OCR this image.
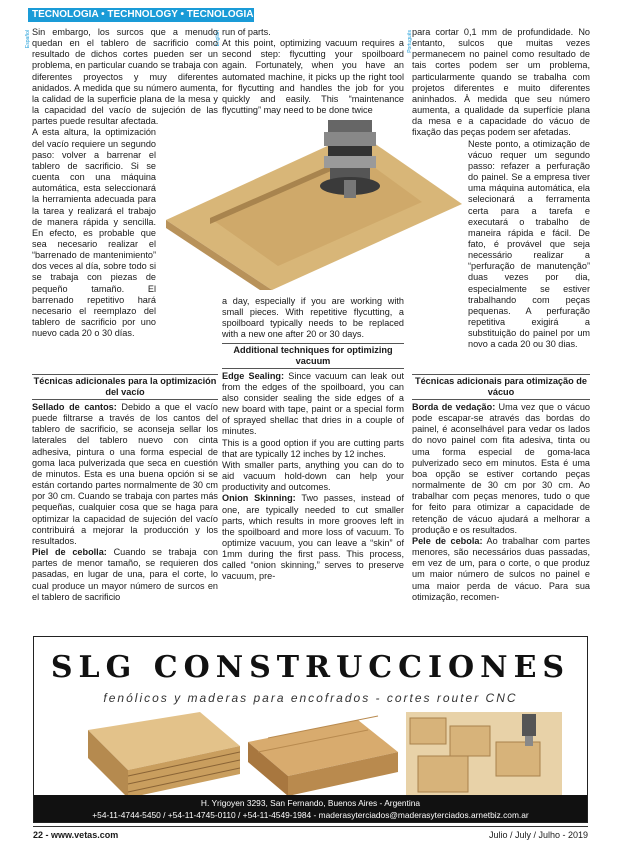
TECNOLOGIA • TECHNOLOGY • TECNOLOGIA
Español	English	Português

Sin embargo, los surcos que a menudo quedan en el tablero de sacrificio como resultado de dichos cortes pueden ser un problema, en particular cuando se trabaja con diferentes proyectos y muy diferentes anidados. A medida que su número aumenta, la calidad de la superficie plana de la mesa y la capacidad del vacío de sujeción de las partes puede resultar afectada.

A esta altura, la optimización del vacío requiere un segundo paso: volver a barrenar el tablero de sacrificio. Si se cuenta con una máquina automática, esta seleccionará la herramienta adecuada para la tarea y realizará el trabajo de manera rápida y sencilla. En efecto, es probable que sea necesario realizar el “barrenado de mantenimiento” dos veces al día, sobre todo si se trabaja con piezas de pequeño tamaño. El barrenado repetitivo hará necesario el reemplazo del tablero de sacrificio por uno nuevo cada 20 o 30 días.

Técnicas adicionales para la optimización del vacío

Sellado de cantos: Debido a que el vacío puede filtrarse a través de los cantos del tablero de sacrificio, se aconseja sellar los laterales del tablero nuevo con cinta adhesiva, pintura o una forma especial de goma laca pulverizada que seca en cuestión de minutos. Esta es una buena opción si se están cortando partes normalmente de 30 cm por 30 cm. Cuando se trabaja con partes más pequeñas, cualquier cosa que se haga para optimizar la capacidad de sujeción del vacío contribuirá a mejorar la producción y los resultados.

Piel de cebolla: Cuando se trabaja con partes de menor tamaño, se requieren dos pasadas, en lugar de una, para el corte, lo cual produce un mayor número de surcos en el tablero de sacrificio

run of parts.

At this point, optimizing vacuum requires a second step: flycutting your spoilboard again. Fortunately, when you have an automated machine, it picks up the right tool for flycutting and handles the job for you quickly and easily. This “maintenance flycutting” may need to be done twice

a day, especially if you are working with small pieces. With repetitive flycutting, a spoilboard typically needs to be replaced with a new one after 20 or 30 days.

Additional techniques for optimizing vacuum

Edge Sealing: Since vacuum can leak out from the edges of the spoilboard, you can also consider sealing the side edges of a new board with tape, paint or a special form of sprayed shellac that dries in a couple of minutes.

This is a good option if you are cutting parts that are typically 12 inches by 12 inches.

With smaller parts, anything you can do to aid vacuum hold-down can help your productivity and outcomes.

Onion Skinning: Two passes, instead of one, are typically needed to cut smaller parts, which results in more grooves left in the spoilboard and more loss of vacuum. To optimize vacuum, you can leave a “skin” of 1mm during the first pass. This process, called “onion skinning,” serves to preserve vacuum, pre-

para cortar 0,1 mm de profundidade. No entanto, sulcos que muitas vezes permanecem no painel como resultado de tais cortes podem ser um problema, particularmente quando se trabalha com projetos diferentes e muito diferentes aninhados. À medida que seu número aumenta, a qualidade da superfície plana da mesa e a capacidade do vácuo de fixação das peças podem ser afetadas.

Neste ponto, a otimização de vácuo requer um segundo passo: refazer a perfuração do painel. Se a empresa tiver uma máquina automática, ela selecionará a ferramenta certa para a tarefa e executará o trabalho de maneira rápida e fácil. De fato, é provável que seja necessário realizar a “perfuração de manutenção” duas vezes por dia, especialmente se estiver trabalhando com peças pequenas. A perfuração repetitiva exigirá a substituição do painel por um novo a cada 20 ou 30 dias.

Técnicas adicionais para otimização de vácuo

Borda de vedação: Uma vez que o vácuo pode escapar-se através das bordas do painel, é aconselhável para vedar os lados do novo painel com fita adesiva, tinta ou uma forma especial de goma-laca pulverizado seco em minutos. Esta é uma boa opção se estiver cortando peças normalmente de 30 cm por 30 cm. Ao trabalhar com peças menores, tudo o que for feito para otimizar a capacidade de retenção de vácuo ajudará a melhorar a produção e os resultados.

Pele de cebola: Ao trabalhar com partes menores, são necessários duas passadas, em vez de um, para o corte, o que produz um maior número de sulcos no painel e uma maior perda de vácuo. Para sua otimização, recomen-

SLG CONSTRUCCIONES
fenólicos y maderas para encofrados - cortes router CNC
H. Yrigoyen 3293, San Fernando, Buenos Aires - Argentina
+54-11-4744-5450 / +54-11-4745-0110 / +54-11-4549-1984 - maderasyterciados@maderasyterciados.arnetbiz.com.ar
22 - www.vetas.com	Julio / July / Julho - 2019
